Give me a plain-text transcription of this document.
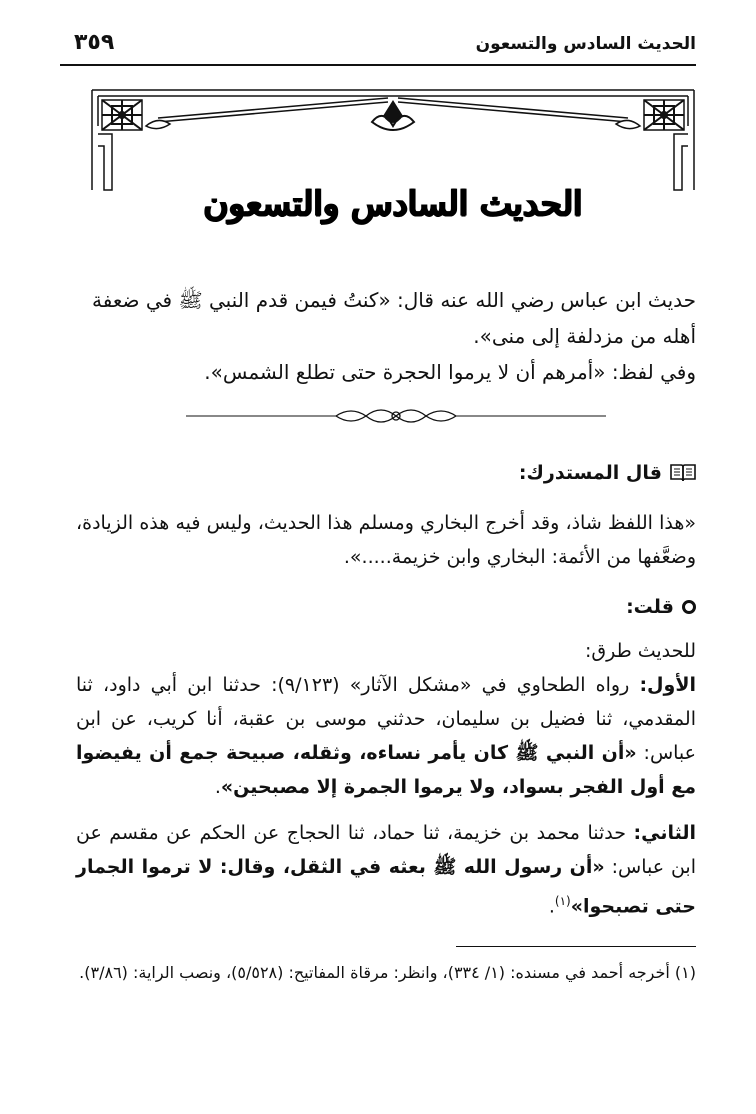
الحديث السادس والتسعون
٣٥٩
الحديث السادس والتسعون

حديث ابن عباس رضي الله عنه قال: «كنتُ فيمن قدم النبي ﷺ في ضعفة

أهله من مزدلفة إلى منى».

وفي لفظ: «أمرهم أن لا يرموا الحجرة حتى تطلع الشمس».

قال المستدرك:

«هذا اللفظ شاذ، وقد أخرج البخاري ومسلم هذا الحديث، وليس فيه هذه الزيادة، وضعَّفها من الأئمة: البخاري وابن خزيمة.....».

قلت:

للحديث طرق:

الأول: رواه الطحاوي في «مشكل الآثار» (٩/١٢٣): حدثنا ابن أبي داود، ثنا المقدمي، ثنا فضيل بن سليمان، حدثني موسى بن عقبة، أنا كريب، عن ابن عباس: «أن النبي ﷺ كان يأمر نساءه، وثقله، صبيحة جمع أن يفيضوا مع أول الفجر بسواد، ولا يرموا الجمرة إلا مصبحين».

الثاني: حدثنا محمد بن خزيمة، ثنا حماد، ثنا الحجاج عن الحكم عن مقسم عن ابن عباس: «أن رسول الله ﷺ بعثه في الثقل، وقال: لا ترموا الجمار حتى تصبحوا»$^{(١)}$.

(١) أخرجه أحمد في مسنده: (١/ ٣٣٤)، وانظر: مرقاة المفاتيح: (٥/٥٢٨)، ونصب الراية: (٣/٨٦).
